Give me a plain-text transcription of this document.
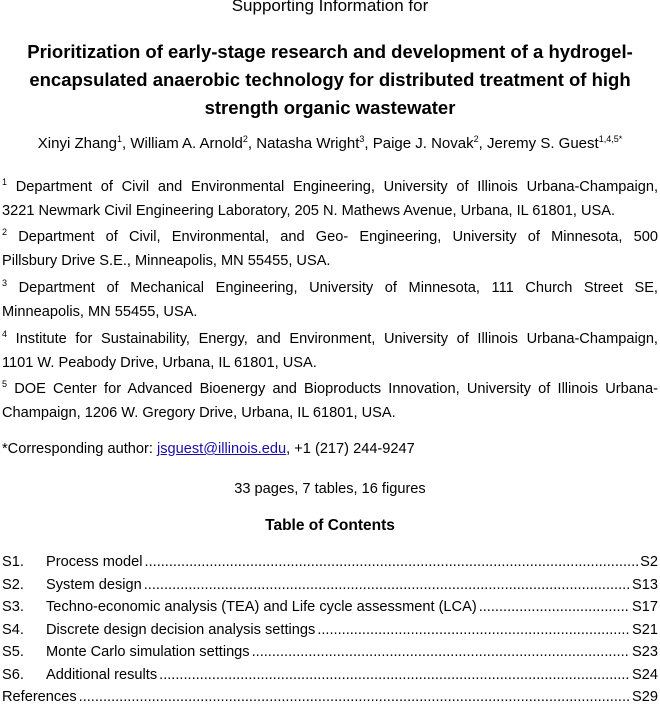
Supporting Information for
Prioritization of early-stage research and development of a hydrogel-encapsulated anaerobic technology for distributed treatment of high strength organic wastewater
Xinyi Zhang$^1$, William A. Arnold$^2$, Natasha Wright$^3$, Paige J. Novak$^2$, Jeremy S. Guest$^{1,4,5*}$
$^1$ Department of Civil and Environmental Engineering, University of Illinois Urbana-Champaign,
3221 Newmark Civil Engineering Laboratory, 205 N. Mathews Avenue, Urbana, IL 61801, USA.
$^2$ Department of Civil, Environmental, and Geo- Engineering, University of Minnesota, 500
Pillsbury Drive S.E., Minneapolis, MN 55455, USA.
$^3$ Department of Mechanical Engineering, University of Minnesota, 111 Church Street SE,
Minneapolis, MN 55455, USA.
$^4$ Institute for Sustainability, Energy, and Environment, University of Illinois Urbana-Champaign,
1101 W. Peabody Drive, Urbana, IL 61801, USA.
$^5$ DOE Center for Advanced Bioenergy and Bioproducts Innovation, University of Illinois Urbana-
Champaign, 1206 W. Gregory Drive, Urbana, IL 61801, USA.
*Corresponding author: jsguest@illinois.edu, +1 (217) 244-9247
33 pages, 7 tables, 16 figures
Table of Contents
S1.	Process model .....	S2
S2.	System design .....	S13
S3.	Techno-economic analysis (TEA) and Life cycle assessment (LCA) .....	S17
S4.	Discrete design decision analysis settings .....	S21
S5.	Monte Carlo simulation settings .....	S23
S6.	Additional results .....	S24
References .....	S29
